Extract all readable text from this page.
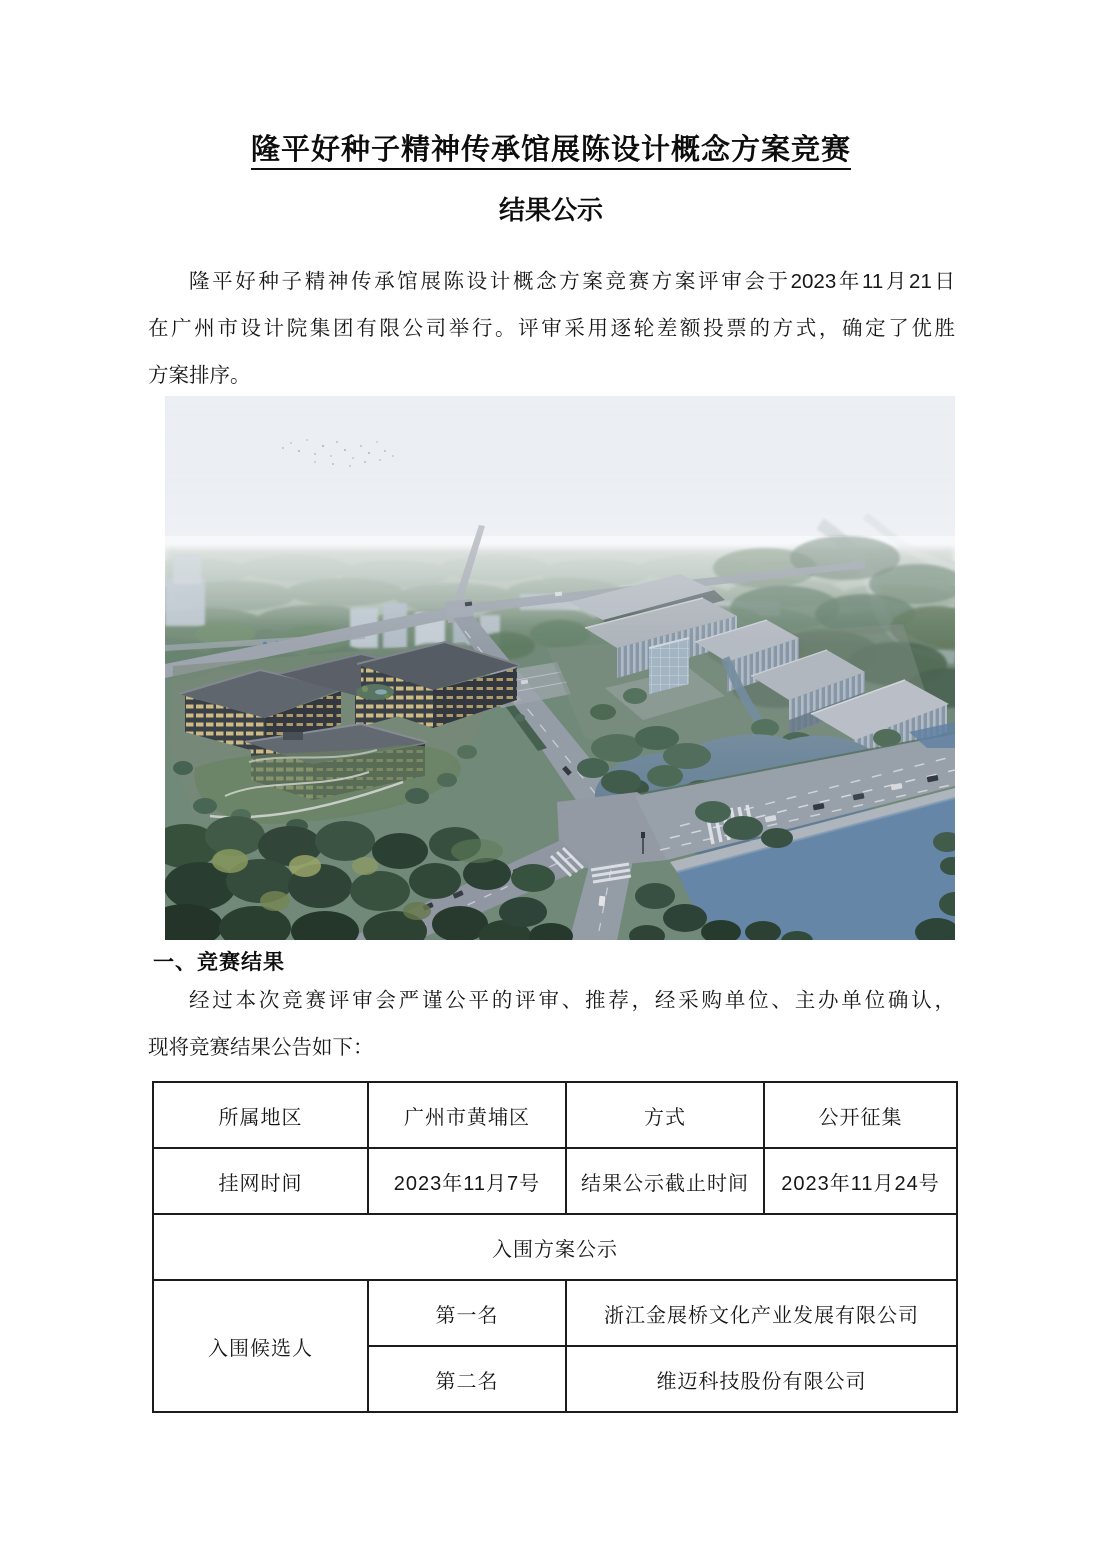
隆平好种子精神传承馆展陈设计概念方案竞赛
结果公示
隆平好种子精神传承馆展陈设计概念方案竞赛方案评审会于2023年11月21日
在广州市设计院集团有限公司举行。评审采用逐轮差额投票的方式，确定了优胜
方案排序。
一、竞赛结果
经过本次竞赛评审会严谨公平的评审、推荐，经采购单位、主办单位确认，
现将竞赛结果公告如下：
所属地区	广州市黄埔区	方式	公开征集
挂网时间	2023年11月7号	结果公示截止时间	2023年11月24号
入围方案公示			
入围候选人	第一名	浙江金展桥文化产业发展有限公司	
	第二名	维迈科技股份有限公司	
